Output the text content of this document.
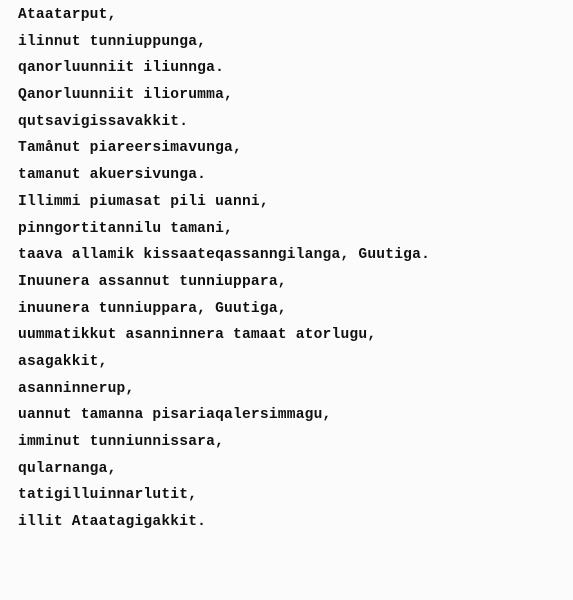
Ataatarput,
ilinnut tunniuppunga,
qanorluunniit iliunnga.
Qanorluunniit iliorumma,
qutsavigissavakkit.
Tamånut piareersimavunga,
tamanut akuersivunga.
Illimmi piumasat pili uanni,
pinngortitannilu tamani,
taava allamik kissaateqassanngilanga, Guutiga.
Inuunera assannut tunniuppara,
inuunera tunniuppara, Guutiga,
uummatikkut asanninnera tamaat atorlugu,
asagakkit,
asanninnerup,
uannut tamanna pisariaqalersimmagu,
imminut tunniunnissara,
qularnanga,
tatigilluinnarlutit,
illit Ataatagigakkit.
